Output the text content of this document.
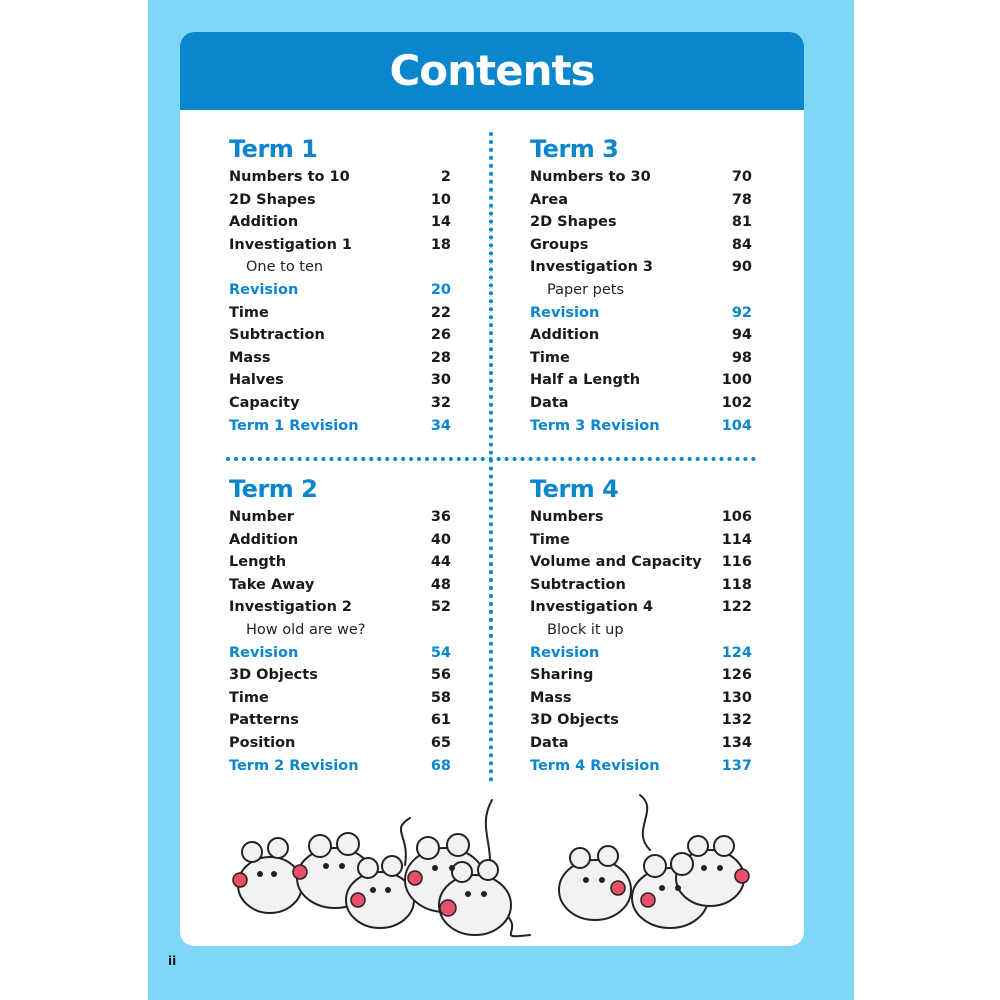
Contents
Term 1
Numbers to 10	2
2D Shapes	10
Addition	14
Investigation 1	18
One to ten
Revision	20
Time	22
Subtraction	26
Mass	28
Halves	30
Capacity	32
Term 1 Revision	34
Term 3
Numbers to 30	70
Area	78
2D Shapes	81
Groups	84
Investigation 3	90
Paper pets
Revision	92
Addition	94
Time	98
Half a Length	100
Data	102
Term 3 Revision	104
Term 2
Number	36
Addition	40
Length	44
Take Away	48
Investigation 2	52
How old are we?
Revision	54
3D Objects	56
Time	58
Patterns	61
Position	65
Term 2 Revision	68
Term 4
Numbers	106
Time	114
Volume and Capacity 116
Subtraction	118
Investigation 4	122
Block it up
Revision	124
Sharing	126
Mass	130
3D Objects	132
Data	134
Term 4 Revision	137
ii
